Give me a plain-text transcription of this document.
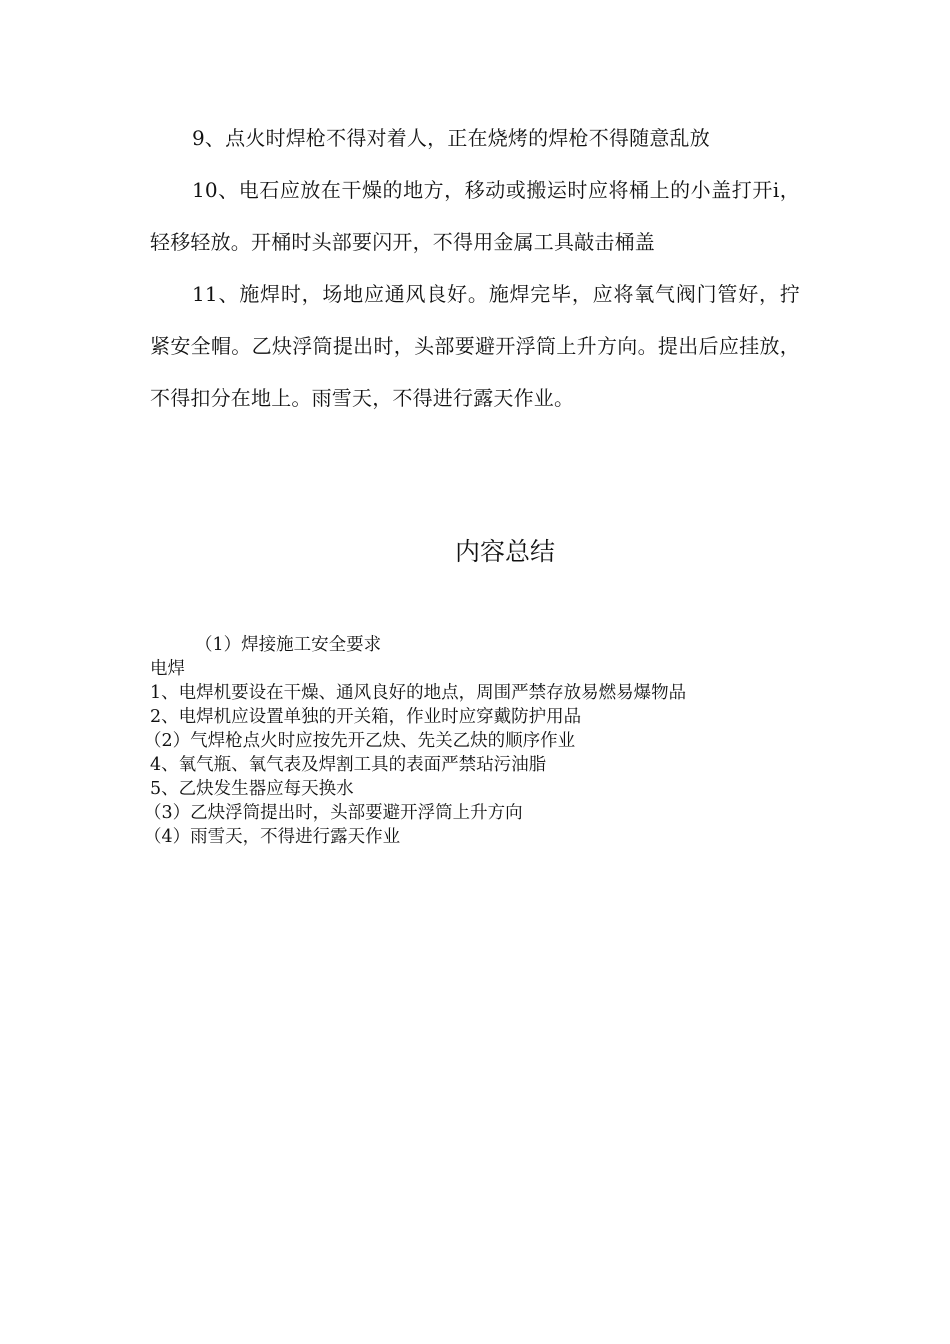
9、点火时焊枪不得对着人，正在烧烤的焊枪不得随意乱放

10、电石应放在干燥的地方，移动或搬运时应将桶上的小盖打开i，轻移轻放。开桶时头部要闪开，不得用金属工具敲击桶盖

11、施焊时，场地应通风良好。施焊完毕，应将氧气阀门管好，拧紧安全帽。乙炔浮筒提出时，头部要避开浮筒上升方向。提出后应挂放，不得扣分在地上。雨雪天，不得进行露天作业。

内容总结
（1）焊接施工安全要求
电焊
1、电焊机要设在干燥、通风良好的地点，周围严禁存放易燃易爆物品
2、电焊机应设置单独的开关箱，作业时应穿戴防护用品
（2）气焊枪点火时应按先开乙炔、先关乙炔的顺序作业
4、氧气瓶、氧气表及焊割工具的表面严禁玷污油脂
5、乙炔发生器应每天换水
（3）乙炔浮筒提出时，头部要避开浮筒上升方向
（4）雨雪天，不得进行露天作业
